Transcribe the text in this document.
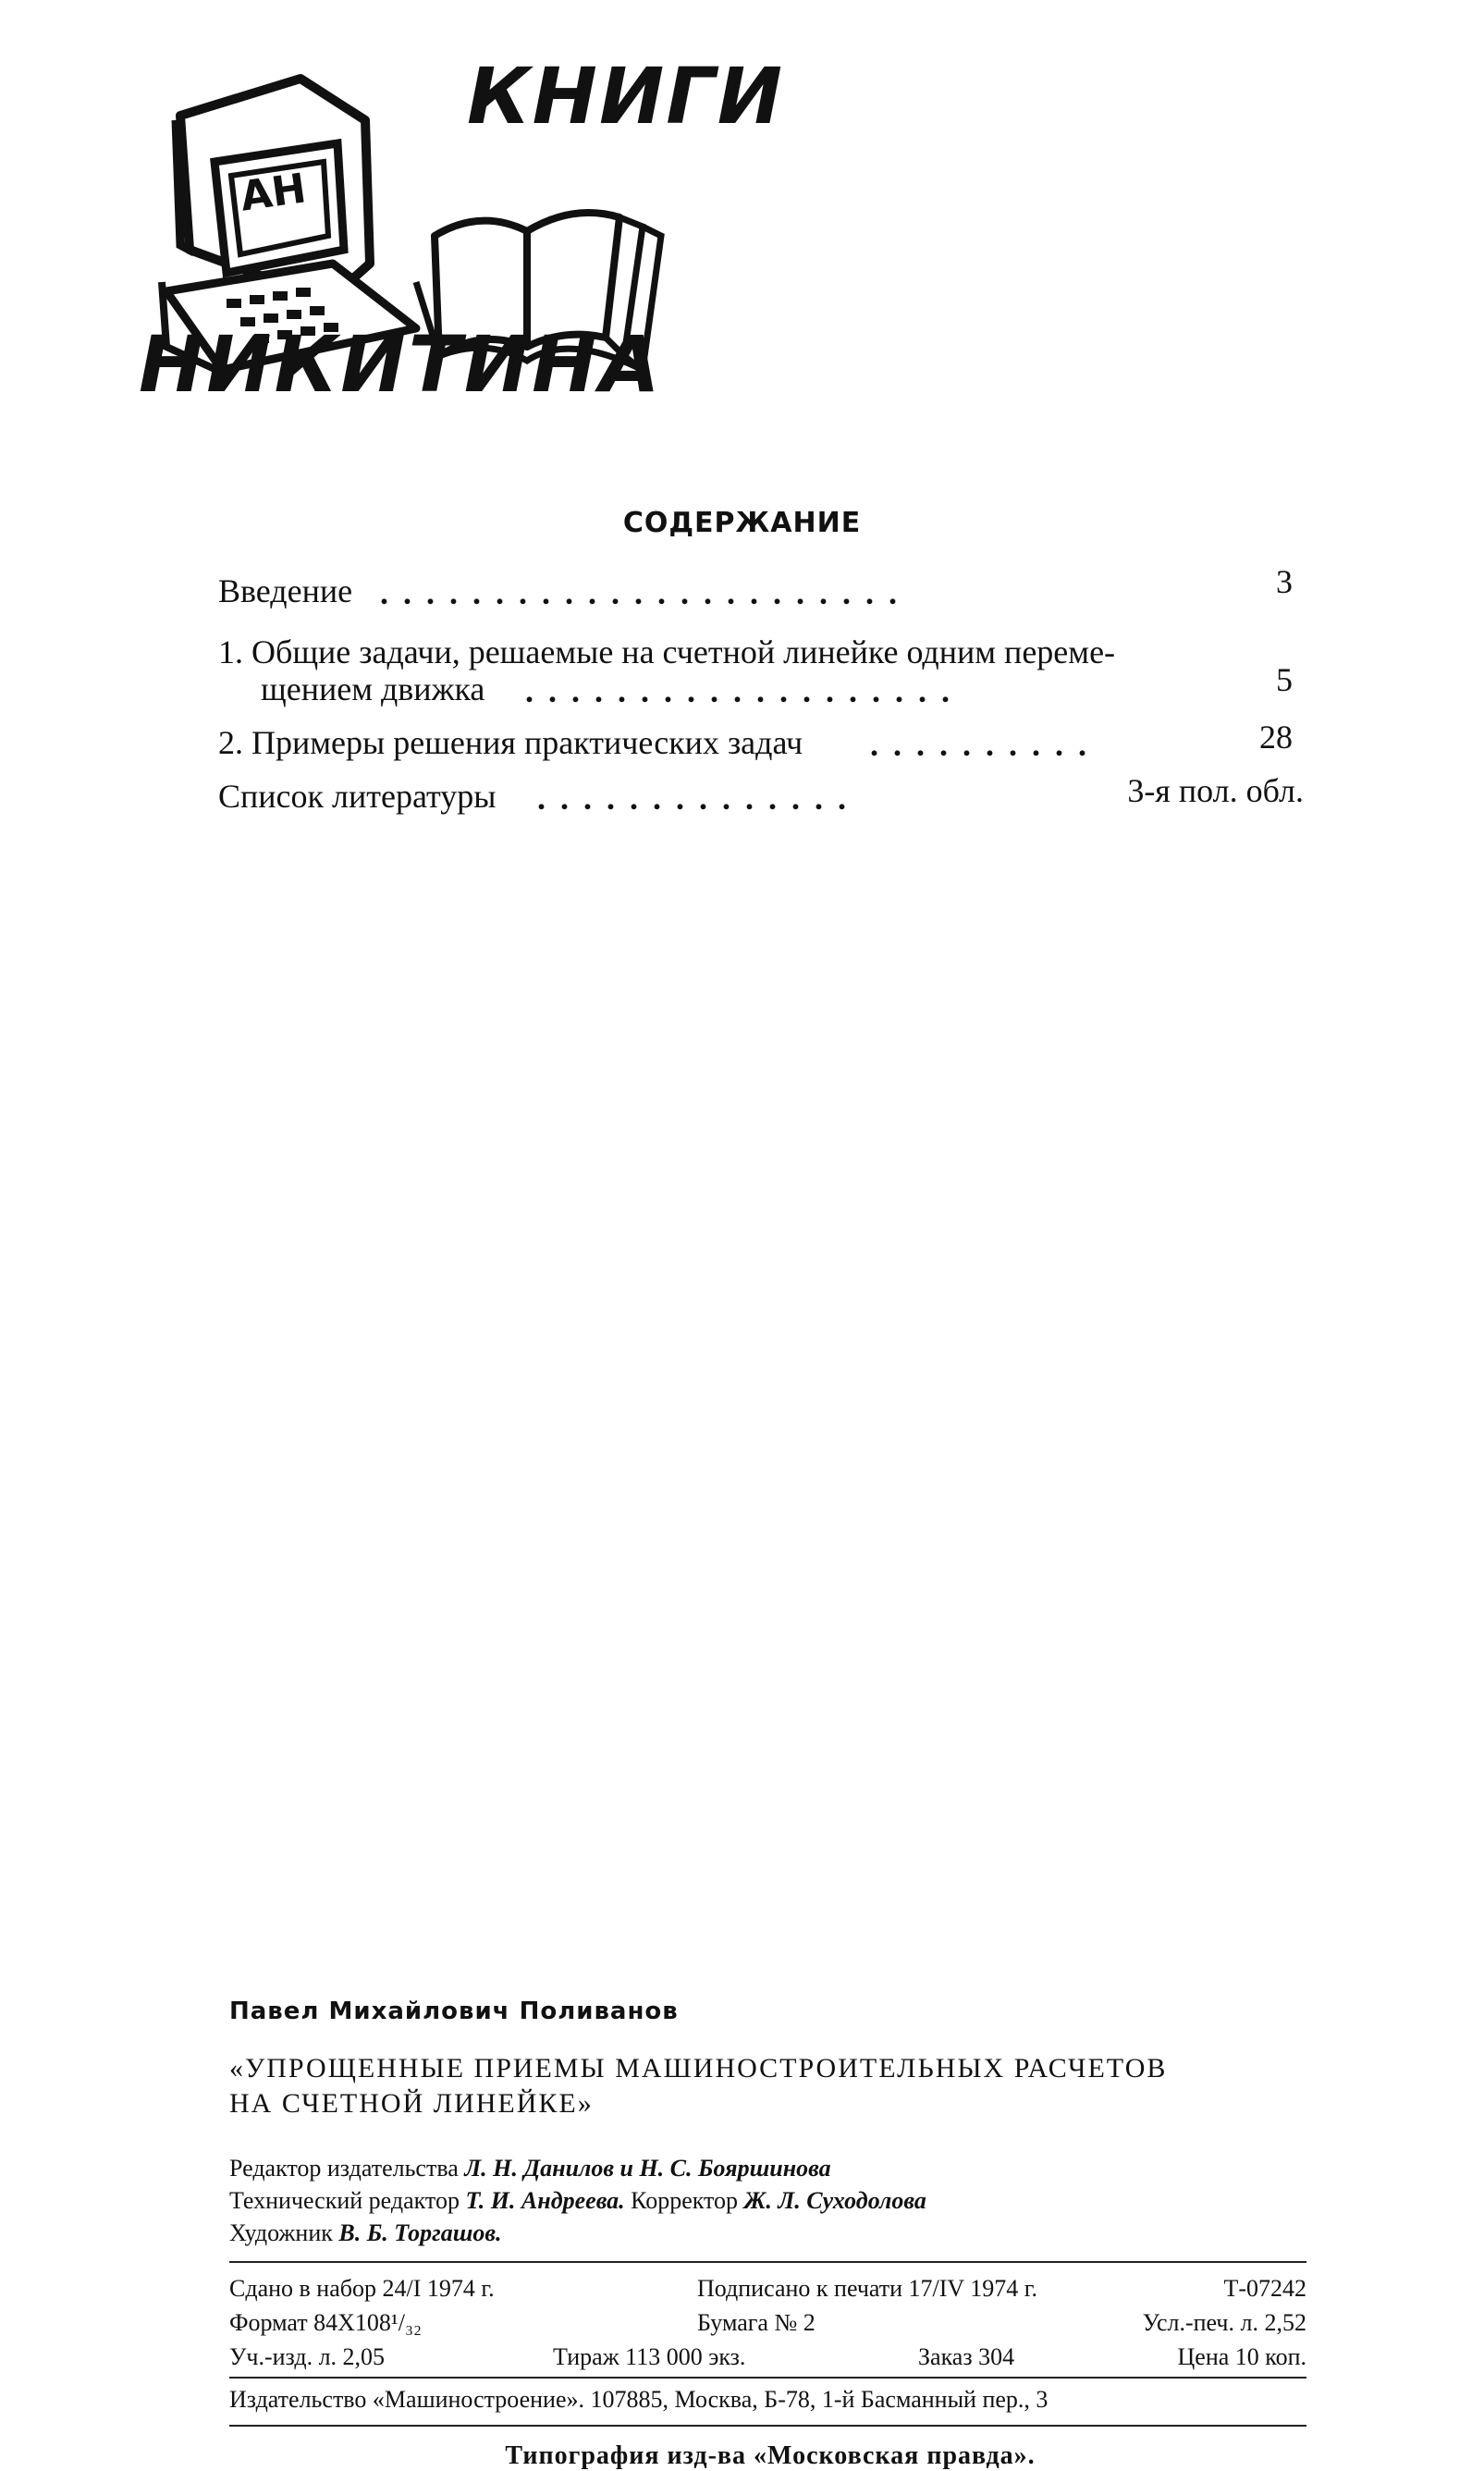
КНИГИ
АН
НИКИТИНА
СОДЕРЖАНИЕ
Введение .......................	3
1. Общие задачи, решаемые на счетной линейке одним переме-
щением движка ...................	5
2. Примеры решения практических задач ..........	28
Список литературы ..............	3-я пол. обл.
Павел Михайлович Поливанов
«УПРОЩЕННЫЕ ПРИЕМЫ МАШИНОСТРОИТЕЛЬНЫХ РАСЧЕТОВ
НА СЧЕТНОЙ ЛИНЕЙКЕ»
Редактор издательства Л. Н. Данилов и Н. С. Бояршинова
Технический редактор Т. И. Андреева. Корректор Ж. Л. Суходолова
Художник В. Б. Торгашов.
Сдано в набор 24/I 1974 г.	Подписано к печати 17/IV 1974 г.	Т-07242
Формат 84Х108¹/₃₂	Бумага № 2	Усл.-печ. л. 2,52
Уч.-изд. л. 2,05	Тираж 113 000 экз.	Заказ 304	Цена 10 коп.
Издательство «Машиностроение». 107885, Москва, Б-78, 1-й Басманный пер., 3
Типография изд-ва «Московская правда».
